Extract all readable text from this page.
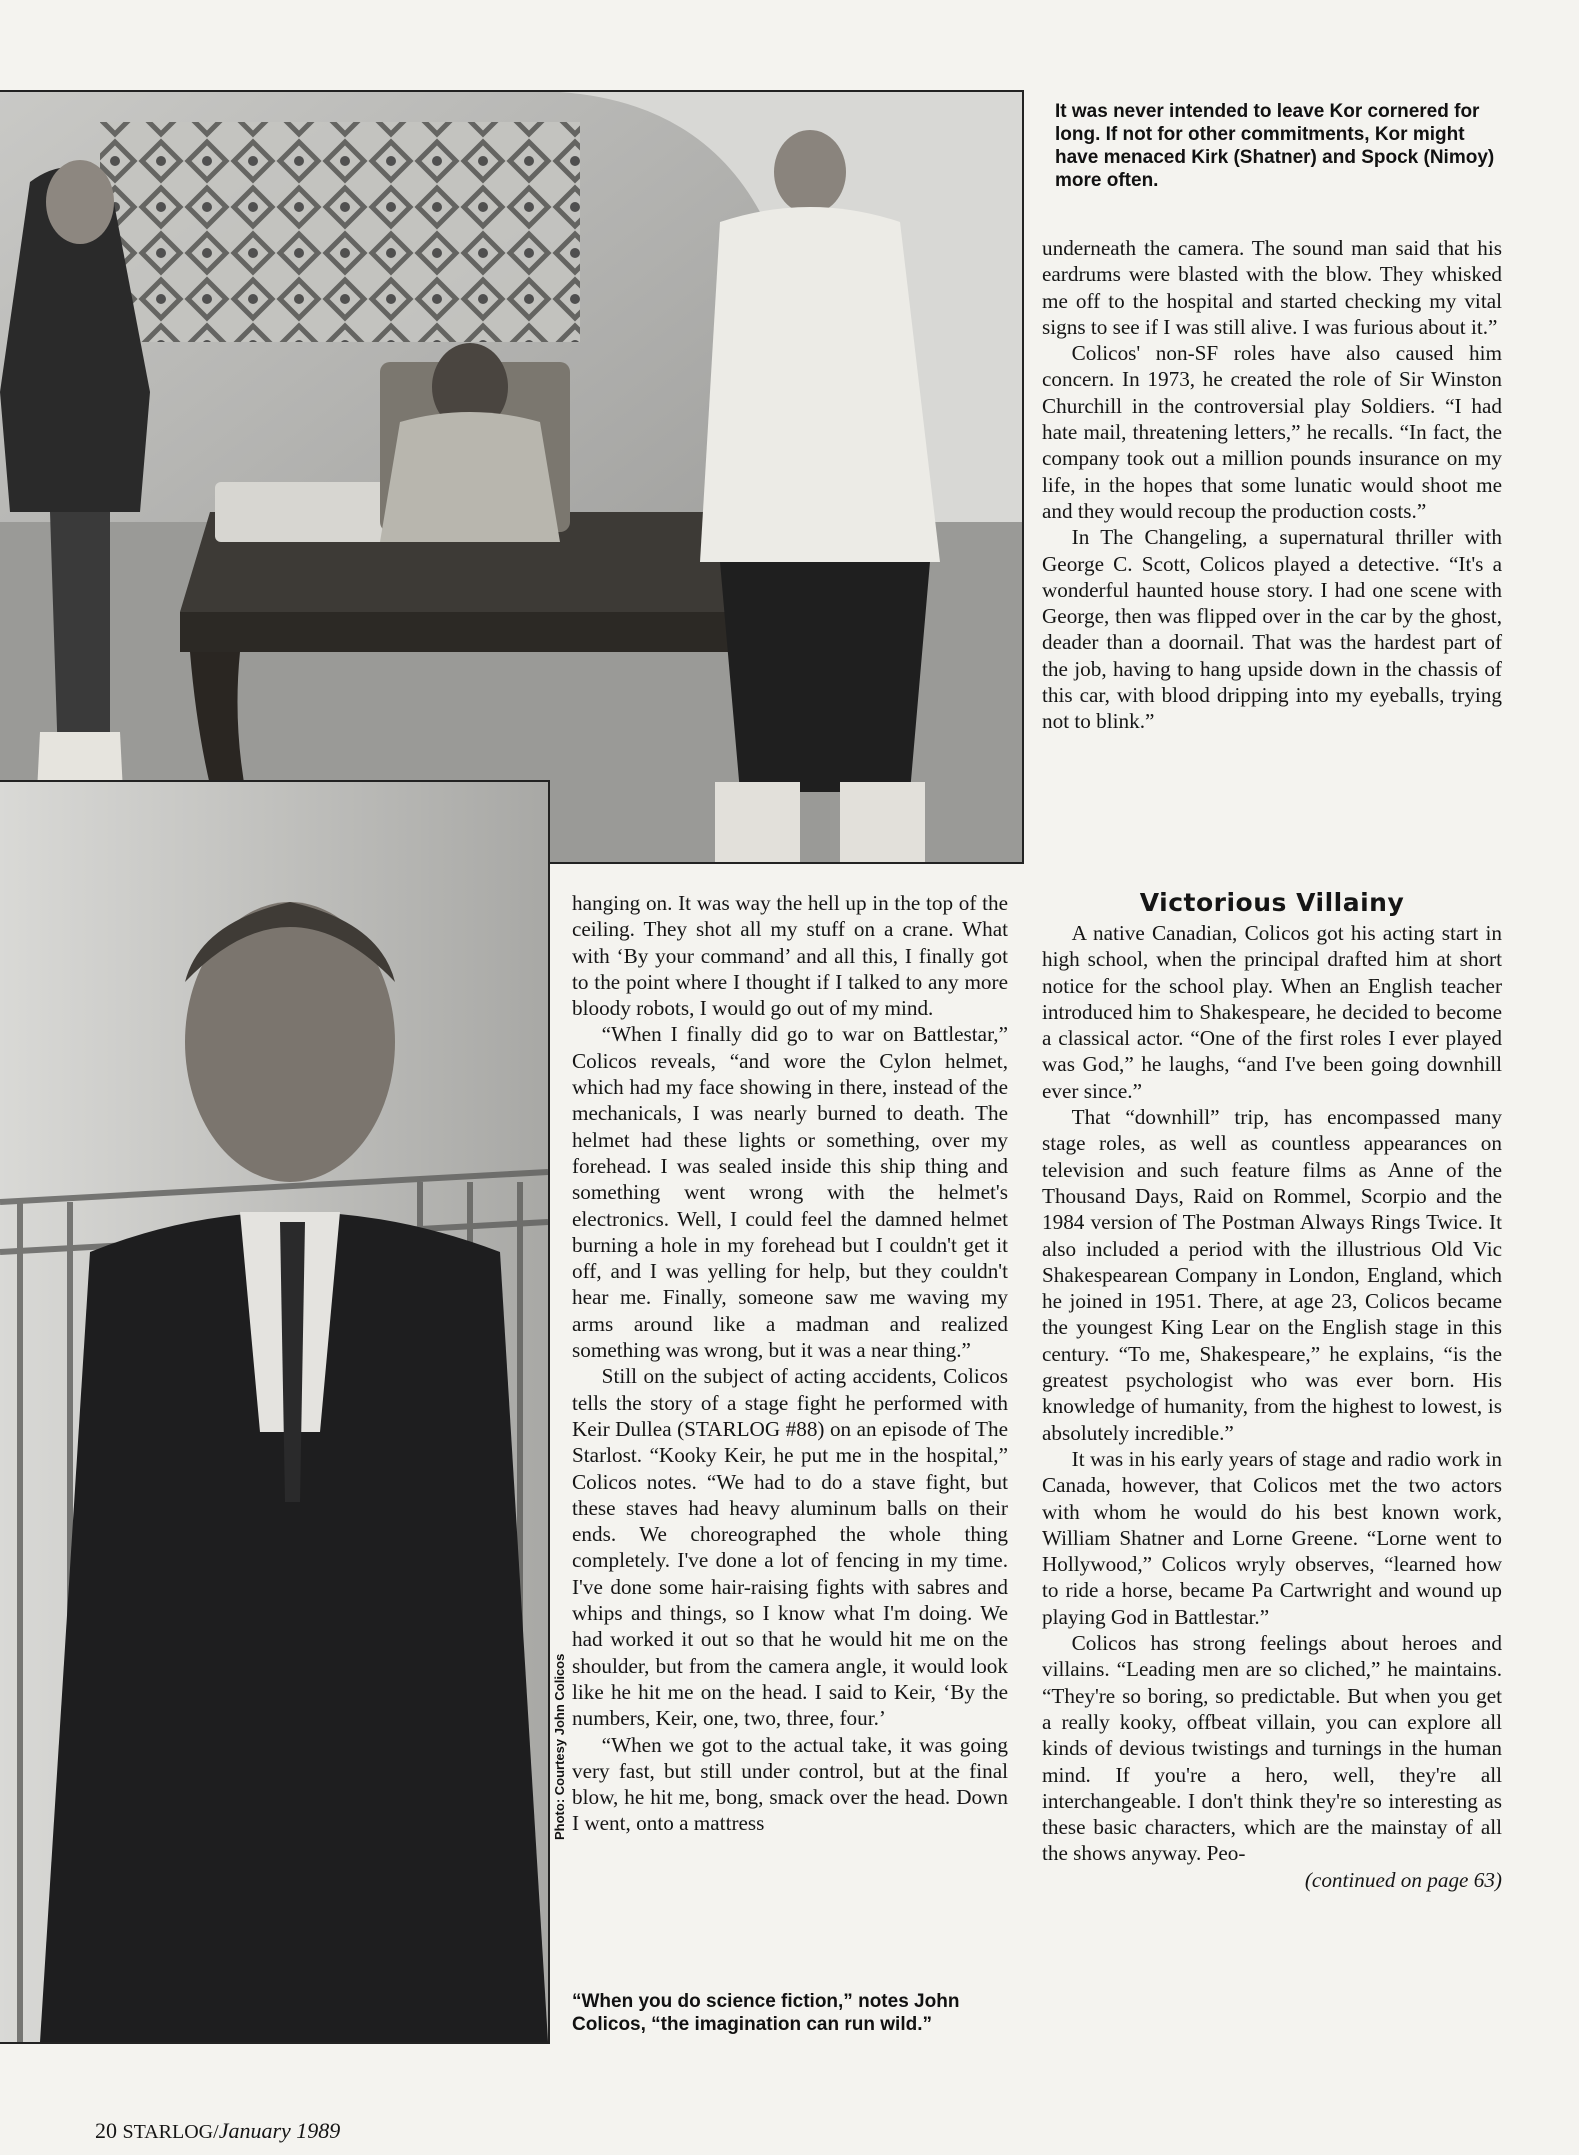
Photo: Courtesy John Colicos
It was never intended to leave Kor cornered for long. If not for other commitments, Kor might have menaced Kirk (Shatner) and Spock (Nimoy) more often.

hanging on. It was way the hell up in the top of the ceiling. They shot all my stuff on a crane. What with ‘By your command’ and all this, I finally got to the point where I thought if I talked to any more bloody robots, I would go out of my mind.

“When I finally did go to war on Battlestar,” Colicos reveals, “and wore the Cylon helmet, which had my face showing in there, instead of the mechanicals, I was nearly burned to death. The helmet had these lights or something, over my forehead. I was sealed inside this ship thing and something went wrong with the helmet's electronics. Well, I could feel the damned helmet burning a hole in my forehead but I couldn't get it off, and I was yelling for help, but they couldn't hear me. Finally, someone saw me waving my arms around like a madman and realized something was wrong, but it was a near thing.”

Still on the subject of acting accidents, Colicos tells the story of a stage fight he performed with Keir Dullea (STARLOG #88) on an episode of The Starlost. “Kooky Keir, he put me in the hospital,” Colicos notes. “We had to do a stave fight, but these staves had heavy aluminum balls on their ends. We choreographed the whole thing completely. I've done a lot of fencing in my time. I've done some hair-raising fights with sabres and whips and things, so I know what I'm doing. We had worked it out so that he would hit me on the shoulder, but from the camera angle, it would look like he hit me on the head. I said to Keir, ‘By the numbers, Keir, one, two, three, four.’

“When we got to the actual take, it was going very fast, but still under control, but at the final blow, he hit me, bong, smack over the head. Down I went, onto a mattress

“When you do science fiction,” notes John Colicos, “the imagination can run wild.”

underneath the camera. The sound man said that his eardrums were blasted with the blow. They whisked me off to the hospital and started checking my vital signs to see if I was still alive. I was furious about it.”

Colicos' non-SF roles have also caused him concern. In 1973, he created the role of Sir Winston Churchill in the controversial play Soldiers. “I had hate mail, threatening letters,” he recalls. “In fact, the company took out a million pounds insurance on my life, in the hopes that some lunatic would shoot me and they would recoup the production costs.”

In The Changeling, a supernatural thriller with George C. Scott, Colicos played a detective. “It's a wonderful haunted house story. I had one scene with George, then was flipped over in the car by the ghost, deader than a doornail. That was the hardest part of the job, having to hang upside down in the chassis of this car, with blood dripping into my eyeballs, trying not to blink.”

Victorious Villainy

A native Canadian, Colicos got his acting start in high school, when the principal drafted him at short notice for the school play. When an English teacher introduced him to Shakespeare, he decided to become a classical actor. “One of the first roles I ever played was God,” he laughs, “and I've been going downhill ever since.”

That “downhill” trip, has encompassed many stage roles, as well as countless appearances on television and such feature films as Anne of the Thousand Days, Raid on Rommel, Scorpio and the 1984 version of The Postman Always Rings Twice. It also included a period with the illustrious Old Vic Shakespearean Company in London, England, which he joined in 1951. There, at age 23, Colicos became the youngest King Lear on the English stage in this century. “To me, Shakespeare,” he explains, “is the greatest psychologist who was ever born. His knowledge of humanity, from the highest to lowest, is absolutely incredible.”

It was in his early years of stage and radio work in Canada, however, that Colicos met the two actors with whom he would do his best known work, William Shatner and Lorne Greene. “Lorne went to Hollywood,” Colicos wryly observes, “learned how to ride a horse, became Pa Cartwright and wound up playing God in Battlestar.”

Colicos has strong feelings about heroes and villains. “Leading men are so cliched,” he maintains. “They're so boring, so predictable. But when you get a really kooky, offbeat villain, you can explore all kinds of devious twistings and turnings in the human mind. If you're a hero, well, they're all interchangeable. I don't think they're so interesting as these basic characters, which are the mainstay of all the shows anyway. Peo-

(continued on page 63)

20 STARLOG/January 1989
